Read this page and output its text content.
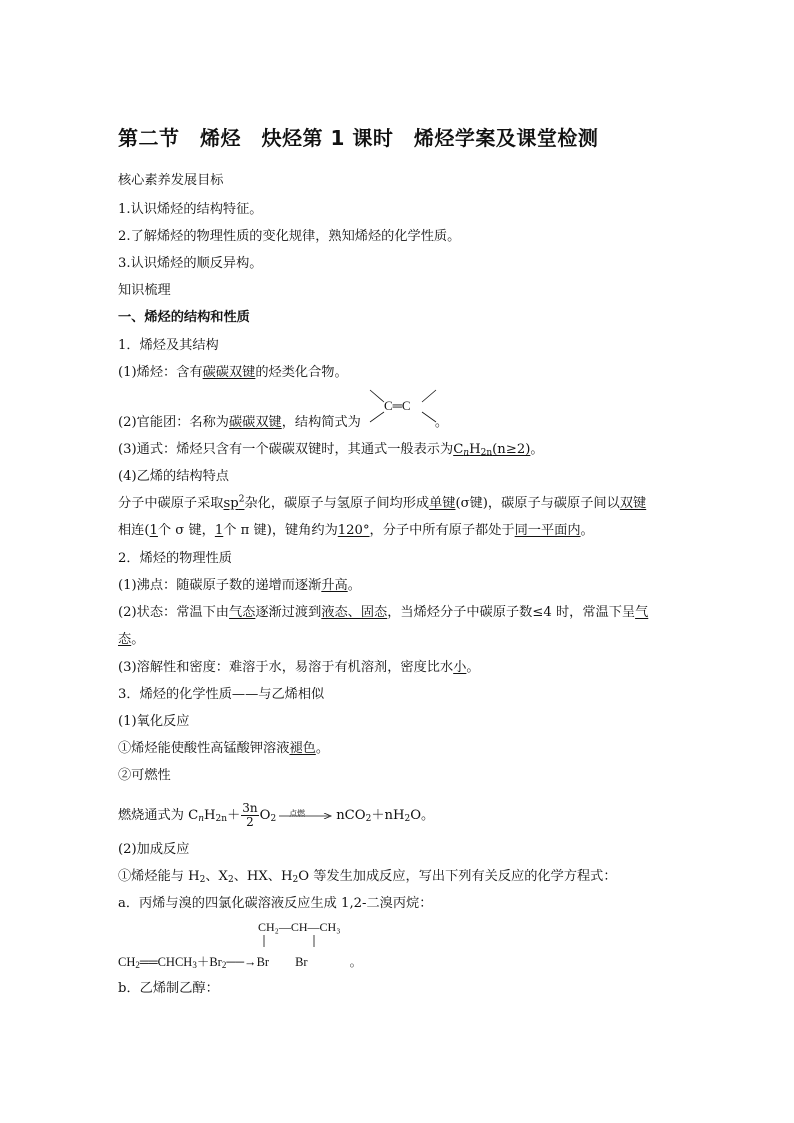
第二节　烯烃　炔烃第 1 课时　烯烃学案及课堂检测
核心素养发展目标
1.认识烯烃的结构特征。
2.了解烯烃的物理性质的变化规律，熟知烯烃的化学性质。
3.认识烯烃的顺反异构。
知识梳理
一、烯烃的结构和性质
1．烯烃及其结构
(1)烯烃：含有碳碳双键的烃类化合物。
C═C
(2)官能团：名称为碳碳双键，结构简式为	。
(3)通式：烯烃只含有一个碳碳双键时，其通式一般表示为$C_nH_{2n}(n\ge 2)$。
(4)乙烯的结构特点
分子中碳原子采取$sp^2$杂化，碳原子与氢原子间均形成单键(σ键)，碳原子与碳原子间以双键
相连(1个 σ 键，1个 π 键)，键角约为120°，分子中所有原子都处于同一平面内。
2．烯烃的物理性质
(1)沸点：随碳原子数的递增而逐渐升高。
(2)状态：常温下由气态逐渐过渡到液态、固态，当烯烃分子中碳原子数≤4 时，常温下呈气
态。
(3)溶解性和密度：难溶于水，易溶于有机溶剂，密度比水小。
3．烯烃的化学性质——与乙烯相似
(1)氧化反应
①烯烃能使酸性高锰酸钾溶液褪色。
②可燃性
燃烧通式为 $C_nH_{2n}+ \frac{3n}{2} O_2$
点燃 $nCO_2+nH_2O$。
(2)加成反应
①烯烃能与 $H_2$、$X_2$、HX、$H_2O$ 等发生加成反应，写出下列有关反应的化学方程式：
a．丙烯与溴的四氯化碳溶液反应生成 1,2-二溴丙烷：
CH₂—CH—CH₃
$CH_2══CHCH_3+Br_2──\to Br$ Br	。
b．乙烯制乙醇：
